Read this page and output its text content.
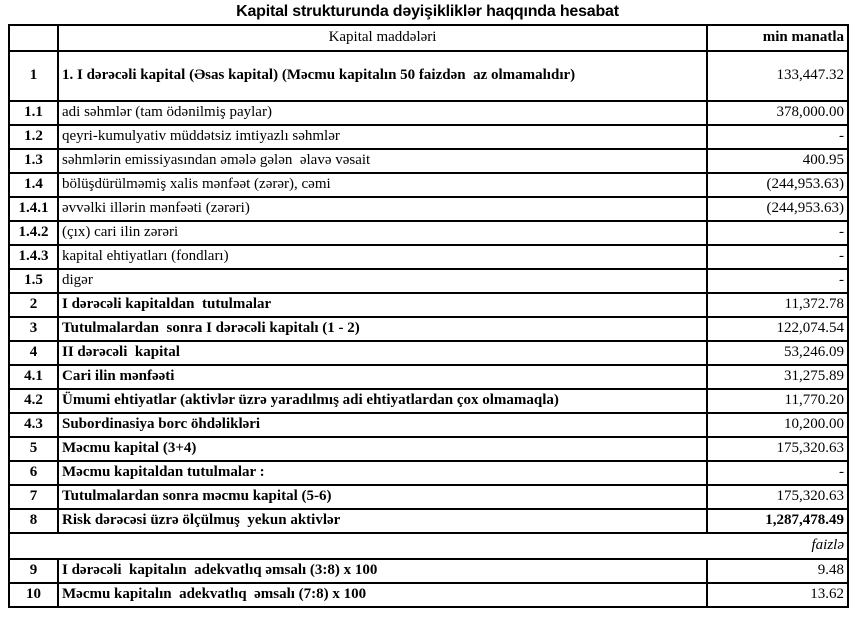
Kapital strukturunda dəyişikliklər haqqında hesabat
	Kapital maddələri	min manatla
1	1. I dərəcəli kapital (Əsas kapital) (Məcmu kapitalın 50 faizdən  az olmamalıdır)	133,447.32
1.1	adi səhmlər (tam ödənilmiş paylar)	378,000.00
1.2	qeyri-kumulyativ müddətsiz imtiyazlı səhmlər	-
1.3	səhmlərin emissiyasından əmələ gələn  əlavə vəsait	400.95
1.4	bölüşdürülməmiş xalis mənfəət (zərər), cəmi	(244,953.63)
1.4.1	əvvəlki illərin mənfəəti (zərəri)	(244,953.63)
1.4.2	(çıx) cari ilin zərəri	-
1.4.3	kapital ehtiyatları (fondları)	-
1.5	digər	-
2	I dərəcəli kapitaldan  tutulmalar	11,372.78
3	Tutulmalardan  sonra I dərəcəli kapitalı (1 - 2)	122,074.54
4	II dərəcəli  kapital	53,246.09
4.1	Cari ilin mənfəəti	31,275.89
4.2	Ümumi ehtiyatlar (aktivlər üzrə yaradılmış adi ehtiyatlardan çox olmamaqla)	11,770.20
4.3	Subordinasiya borc öhdəlikləri	10,200.00
5	Məcmu kapital (3+4)	175,320.63
6	Məcmu kapitaldan tutulmalar :	-
7	Tutulmalardan sonra məcmu kapital (5-6)	175,320.63
8	Risk dərəcəsi üzrə ölçülmuş  yekun aktivlər	1,287,478.49
faizlə		
9	I dərəcəli  kapitalın  adekvatlıq əmsalı (3:8) x 100	9.48
10	Məcmu kapitalın  adekvatlıq  əmsalı (7:8) x 100	13.62
